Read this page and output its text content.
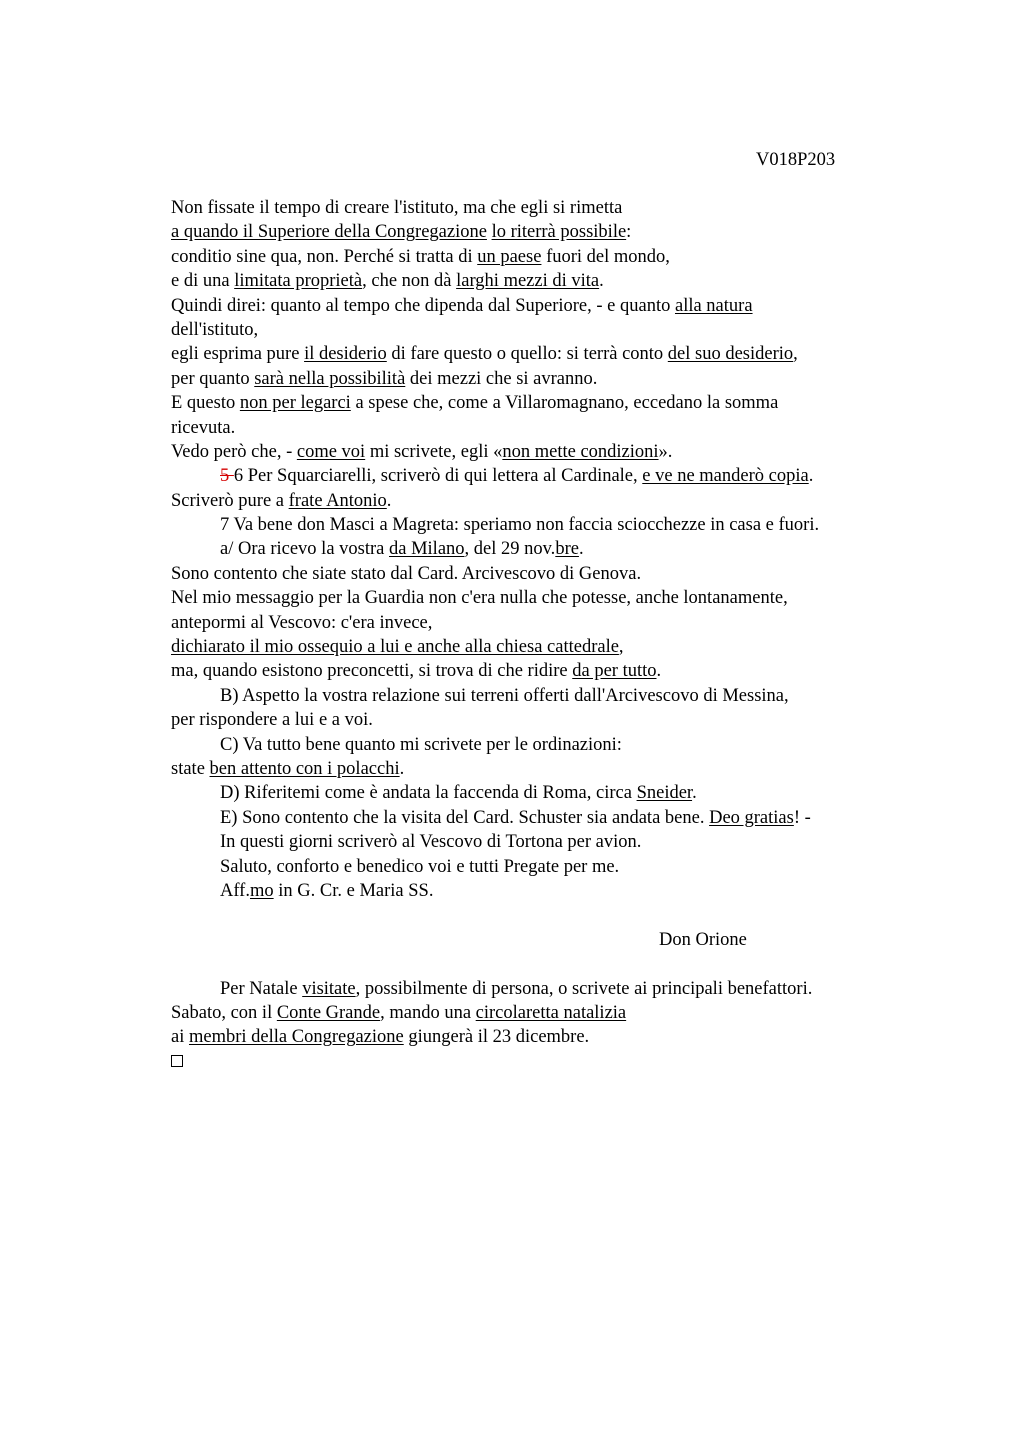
V018P203
Non fissate il tempo di creare l'istituto, ma che egli si rimetta
a quando il Superiore della Congregazione lo riterrà possibile:
conditio sine qua, non. Perché si tratta di un paese fuori del mondo,
e di una limitata proprietà, che non dà larghi mezzi di vita.
Quindi direi: quanto al tempo che dipenda dal Superiore, - e quanto alla natura
dell'istituto,
egli esprima pure il desiderio di fare questo o quello: si terrà conto del suo desiderio,
per quanto sarà nella possibilità dei mezzi che si avranno.
E questo non per legarci a spese che, come a Villaromagnano, eccedano la somma
ricevuta.
Vedo però che, - come voi mi scrivete, egli «non mette condizioni».
5 6 Per Squarciarelli, scriverò di qui lettera al Cardinale, e ve ne manderò copia.
Scriverò pure a frate Antonio.
7 Va bene don Masci a Magreta: speriamo non faccia sciocchezze in casa e fuori.
a/ Ora ricevo la vostra da Milano, del 29 nov.bre.
Sono contento che siate stato dal Card. Arcivescovo di Genova.
Nel mio messaggio per la Guardia non c'era nulla che potesse, anche lontanamente,
antepormi al Vescovo: c'era invece,
dichiarato il mio ossequio a lui e anche alla chiesa cattedrale,
ma, quando esistono preconcetti, si trova di che ridire da per tutto.
B) Aspetto la vostra relazione sui terreni offerti dall'Arcivescovo di Messina,
per rispondere a lui e a voi.
C) Va tutto bene quanto mi scrivete per le ordinazioni:
state ben attento con i polacchi.
D) Riferitemi come è andata la faccenda di Roma, circa Sneider.
E) Sono contento che la visita del Card. Schuster sia andata bene. Deo gratias! -
In questi giorni scriverò al Vescovo di Tortona per avion.
Saluto, conforto e benedico voi e tutti Pregate per me.
Aff.mo in G. Cr. e Maria SS.
Don Orione
Per Natale visitate, possibilmente di persona, o scrivete ai principali benefattori.
Sabato, con il Conte Grande, mando una circolaretta natalizia
ai membri della Congregazione giungerà il 23 dicembre.
